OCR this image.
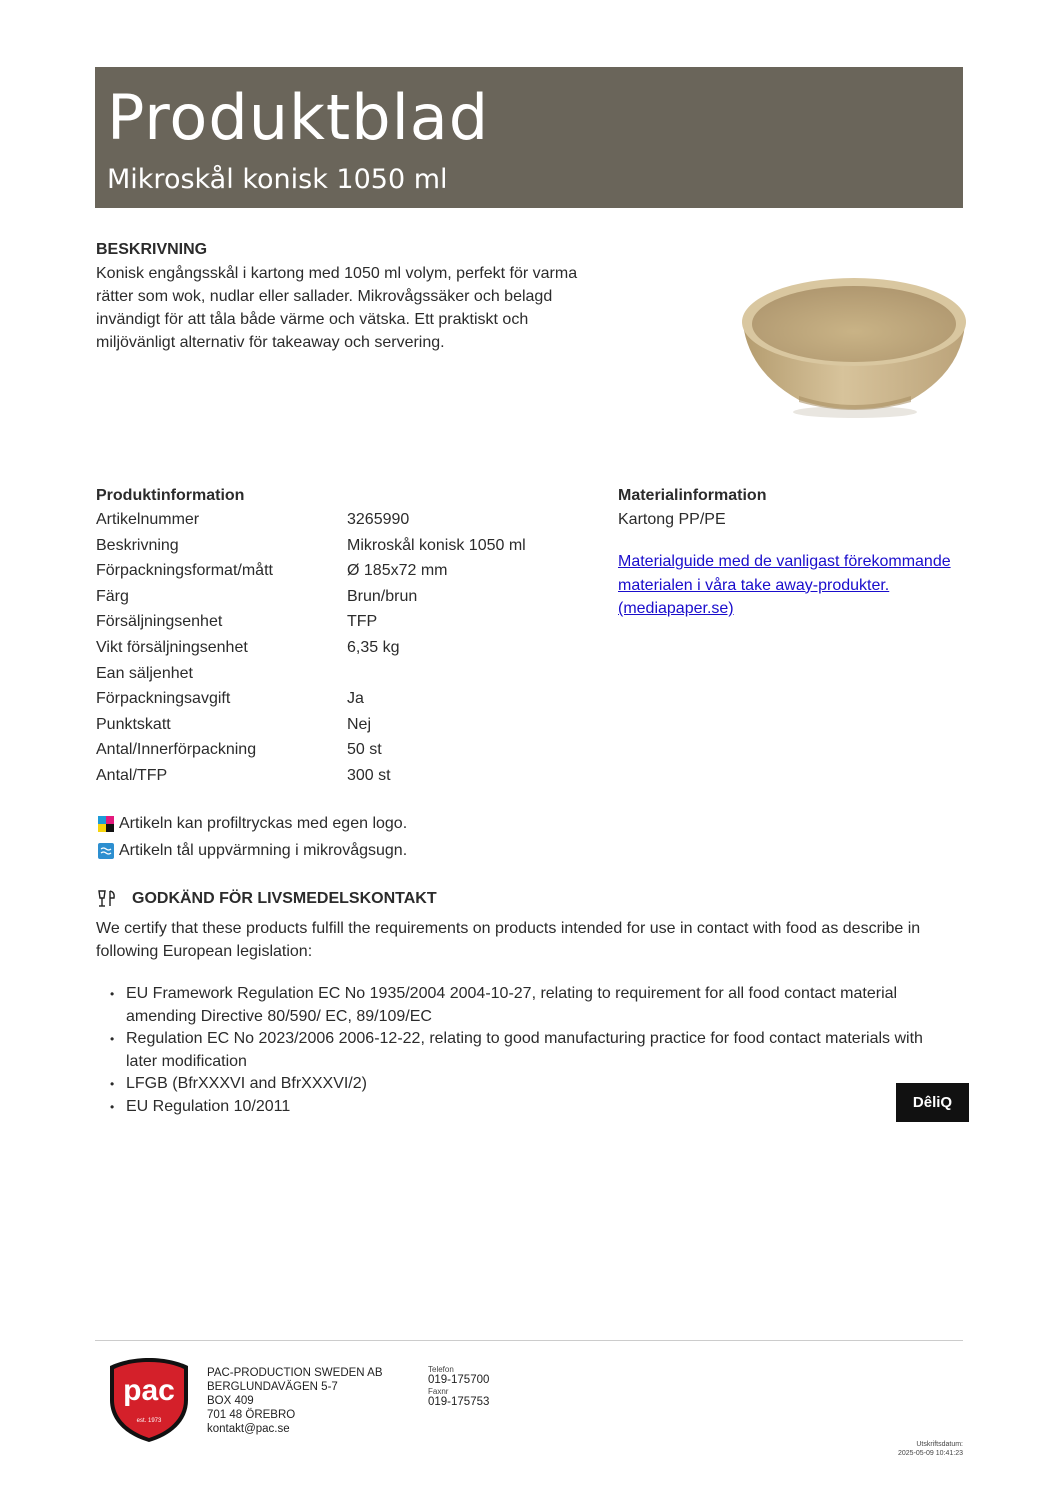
Produktblad
Mikroskål konisk 1050 ml
BESKRIVNING
Konisk engångsskål i kartong med 1050 ml volym, perfekt för varma rätter som wok, nudlar eller sallader. Mikrovågssäker och belagd invändigt för att tåla både värme och vätska. Ett praktiskt och miljövänligt alternativ för takeaway och servering.
Produktinformation
Artikelnummer	3265990
Beskrivning	Mikroskål konisk 1050 ml
Förpackningsformat/mått	Ø 185x72 mm
Färg	Brun/brun
Försäljningsenhet	TFP
Vikt försäljningsenhet	6,35 kg
Ean säljenhet
Förpackningsavgift	Ja
Punktskatt	Nej
Antal/Innerförpackning	50 st
Antal/TFP	300 st
Materialinformation
Kartong PP/PE
Materialguide med de vanligast förekommande materialen i våra take away-produkter. (mediapaper.se)
Artikeln kan profiltryckas med egen logo.
Artikeln tål uppvärmning i mikrovågsugn.
GODKÄND FÖR LIVSMEDELSKONTAKT
We certify that these products fulfill the requirements on products intended for use in contact with food as describe in following European legislation:
• EU Framework Regulation EC No 1935/2004 2004-10-27, relating to requirement for all food contact material amending Directive 80/590/ EC, 89/109/EC
• Regulation EC No 2023/2006 2006-12-22, relating to good manufacturing practice for food contact materials with later modification
• LFGB (BfrXXXVI and BfrXXXVI/2)
• EU Regulation 10/2011	DêliQ
pac
est. 1973
PAC-PRODUCTION SWEDEN AB
BERGLUNDAVÄGEN 5-7
BOX 409
701 48 ÖREBRO
kontakt@pac.se
Telefon
019-175700
Faxnr
019-175753
Utskriftsdatum:
2025-05-09 10:41:23
